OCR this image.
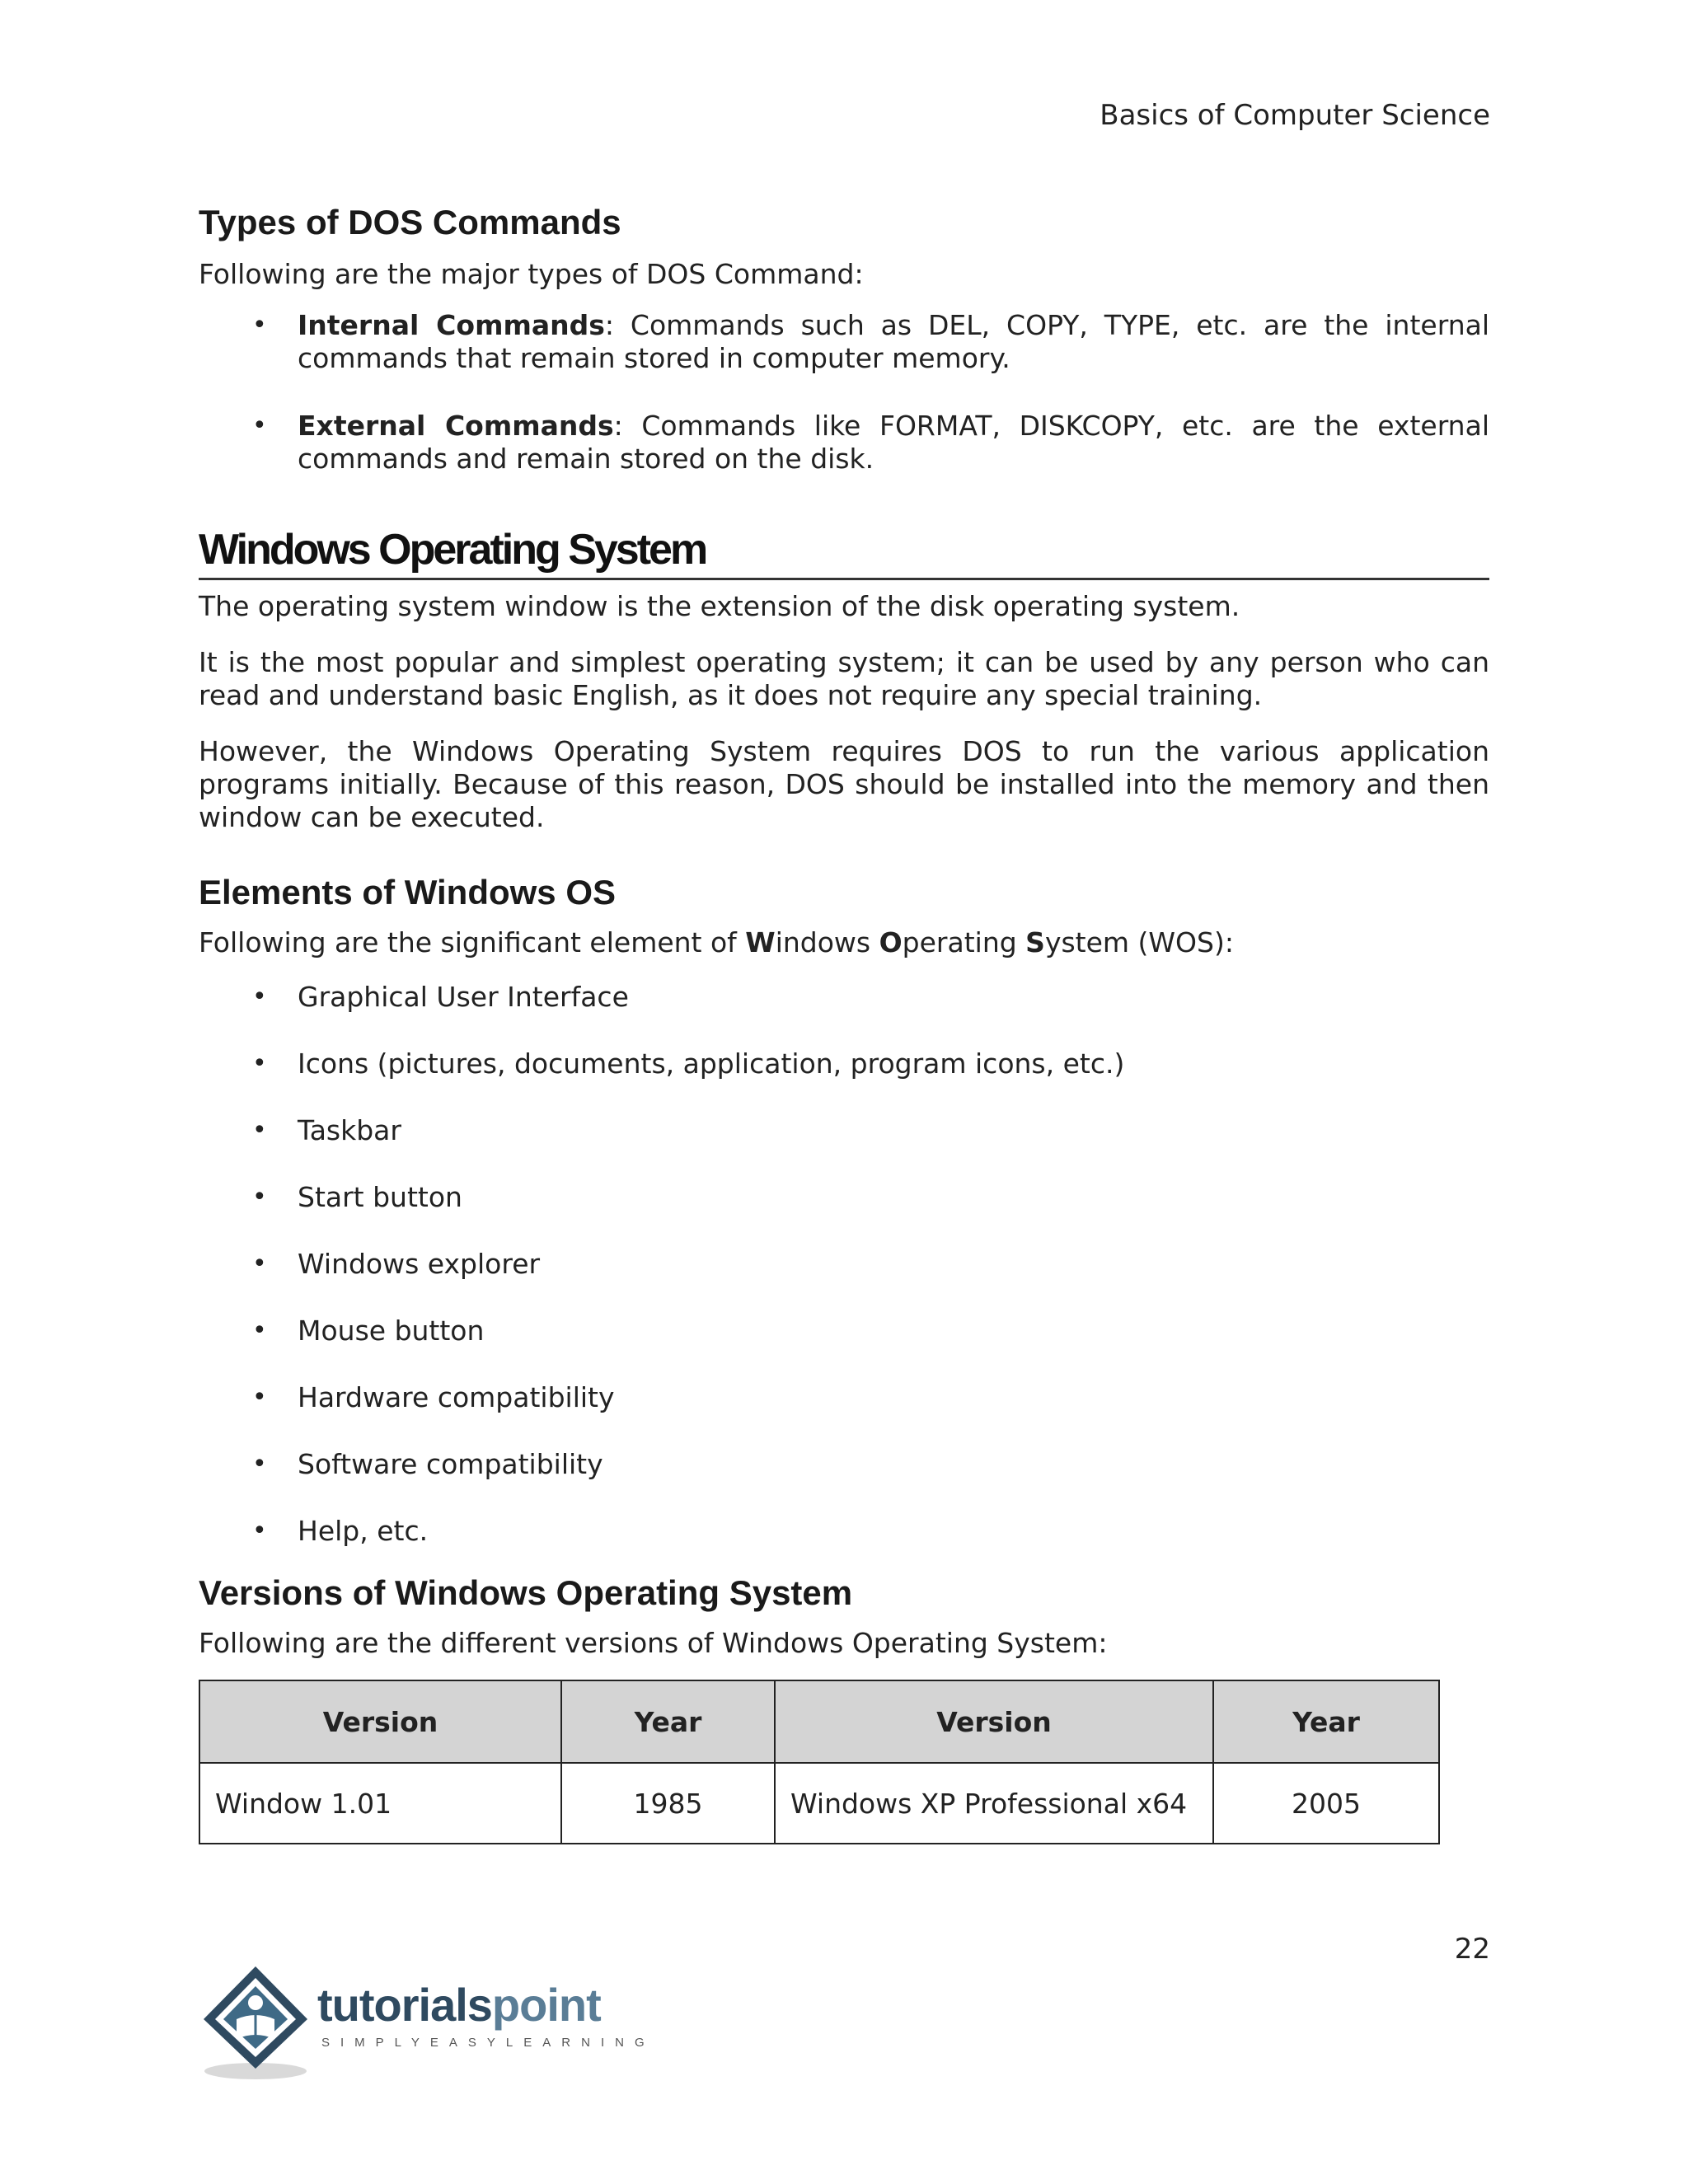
Basics of Computer Science
Types of DOS Commands

Following are the major types of DOS Command:

• Internal Commands: Commands such as DEL, COPY, TYPE, etc. are the internal commands that remain stored in computer memory.
• External Commands: Commands like FORMAT, DISKCOPY, etc. are the external commands and remain stored on the disk.
Windows Operating System

The operating system window is the extension of the disk operating system.

It is the most popular and simplest operating system; it can be used by any person who can read and understand basic English, as it does not require any special training.

However, the Windows Operating System requires DOS to run the various application programs initially. Because of this reason, DOS should be installed into the memory and then window can be executed.

Elements of Windows OS

Following are the significant element of Windows Operating System (WOS):

• Graphical User Interface
• Icons (pictures, documents, application, program icons, etc.)
• Taskbar
• Start button
• Windows explorer
• Mouse button
• Hardware compatibility
• Software compatibility
• Help, etc.
Versions of Windows Operating System

Following are the different versions of Windows Operating System:

Version	Year	Version	Year
Window 1.01	1985	Windows XP Professional x64	2005
22
tutorialspoint
SIMPLYEASYLEARNING
